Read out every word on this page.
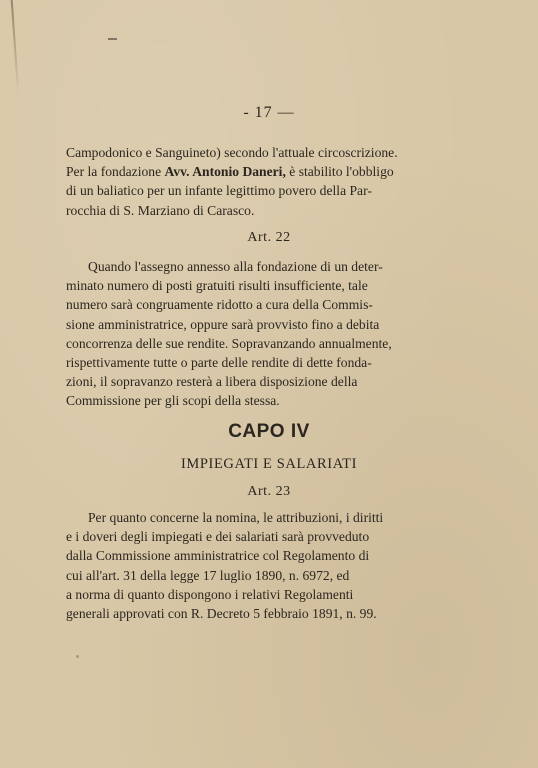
- 17 —

Campodonico e Sanguineto) secondo l'attuale circoscrizione.

Per la fondazione Avv. Antonio Daneri, è stabilito l'obbligo

di un baliatico per un infante legittimo povero della Par-

rocchia di S. Marziano di Carasco.

Art. 22

Quando l'assegno annesso alla fondazione di un deter-

minato numero di posti gratuiti risulti insufficiente, tale

numero sarà congruamente ridotto a cura della Commis-

sione amministratrice, oppure sarà provvisto fino a debita

concorrenza delle sue rendite. Sopravanzando annualmente,

rispettivamente tutte o parte delle rendite di dette fonda-

zioni, il sopravanzo resterà a libera disposizione della

Commissione per gli scopi della stessa.

CAPO IV
IMPIEGATI E SALARIATI
Art. 23

Per quanto concerne la nomina, le attribuzioni, i diritti

e i doveri degli impiegati e dei salariati sarà provveduto

dalla Commissione amministratrice col Regolamento di

cui all'art. 31 della legge 17 luglio 1890, n. 6972, ed

a norma di quanto dispongono i relativi Regolamenti

generali approvati con R. Decreto 5 febbraio 1891, n. 99.
